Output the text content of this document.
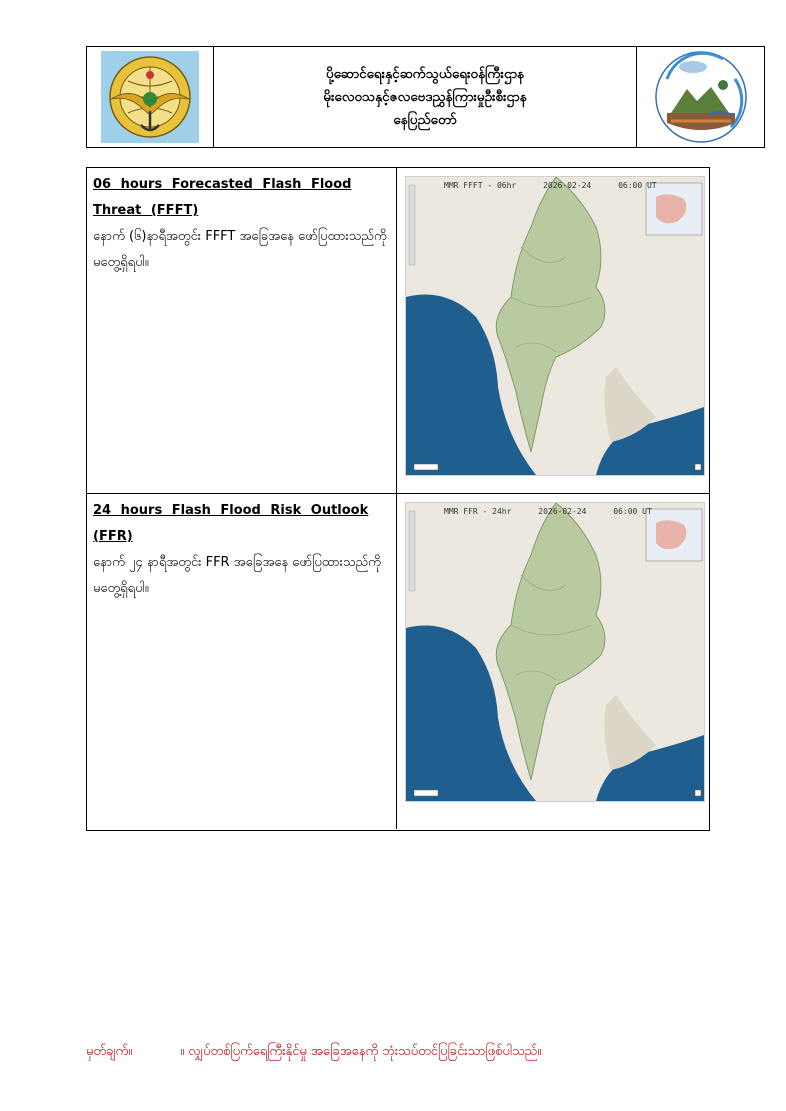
ပို့ဆောင်ရေးနှင့်ဆက်သွယ်ရေးဝန်ကြီးဌာန
မိုးလေဝသနှင့်ဇလဗေဒညွှန်ကြားမှုဦးစီးဌာန
နေပြည်တော်
06 hours Forecasted Flash Flood Threat (FFFT)
နောက် (၆)နာရီအတွင်း FFFT အခြေအနေ ဖော်ပြထားသည်ကို မတွေ့ရှိရပါ။
MMR FFFT - 06hr	2026-02-24	06:00 UT
24 hours Flash Flood Risk Outlook (FFR)
နောက် ၂၄ နာရီအတွင်း FFR အခြေအနေ ဖော်ပြထားသည်ကို မတွေ့ရှိရပါ။
MMR FFR - 24hr	2026-02-24	06:00 UT
မှတ်ချက်။	။ လျှပ်တစ်ပြက်ရေကြီးနိုင်မှု အခြေအနေကို ဘုံးသပ်တင်ပြခြင်းသာဖြစ်ပါသည်။
